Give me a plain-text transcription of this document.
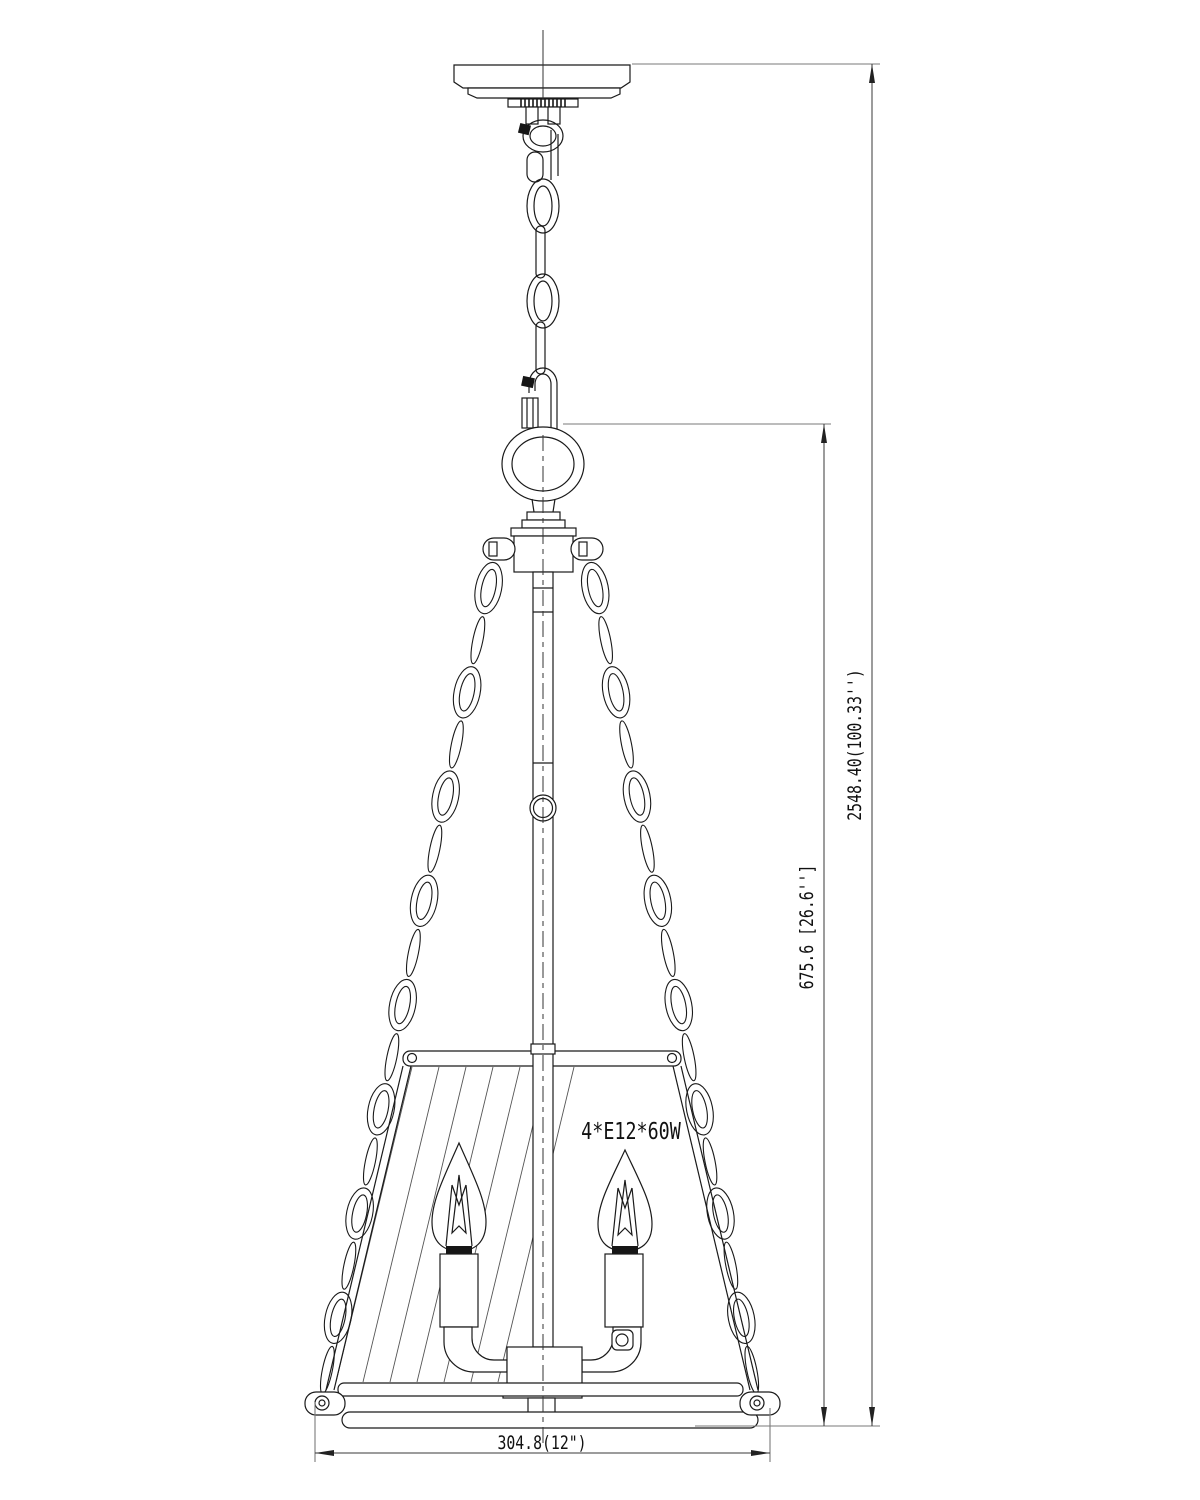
2548.40(100.33'')
675.6 [26.6'']
304.8(12")
4*E12*60W
